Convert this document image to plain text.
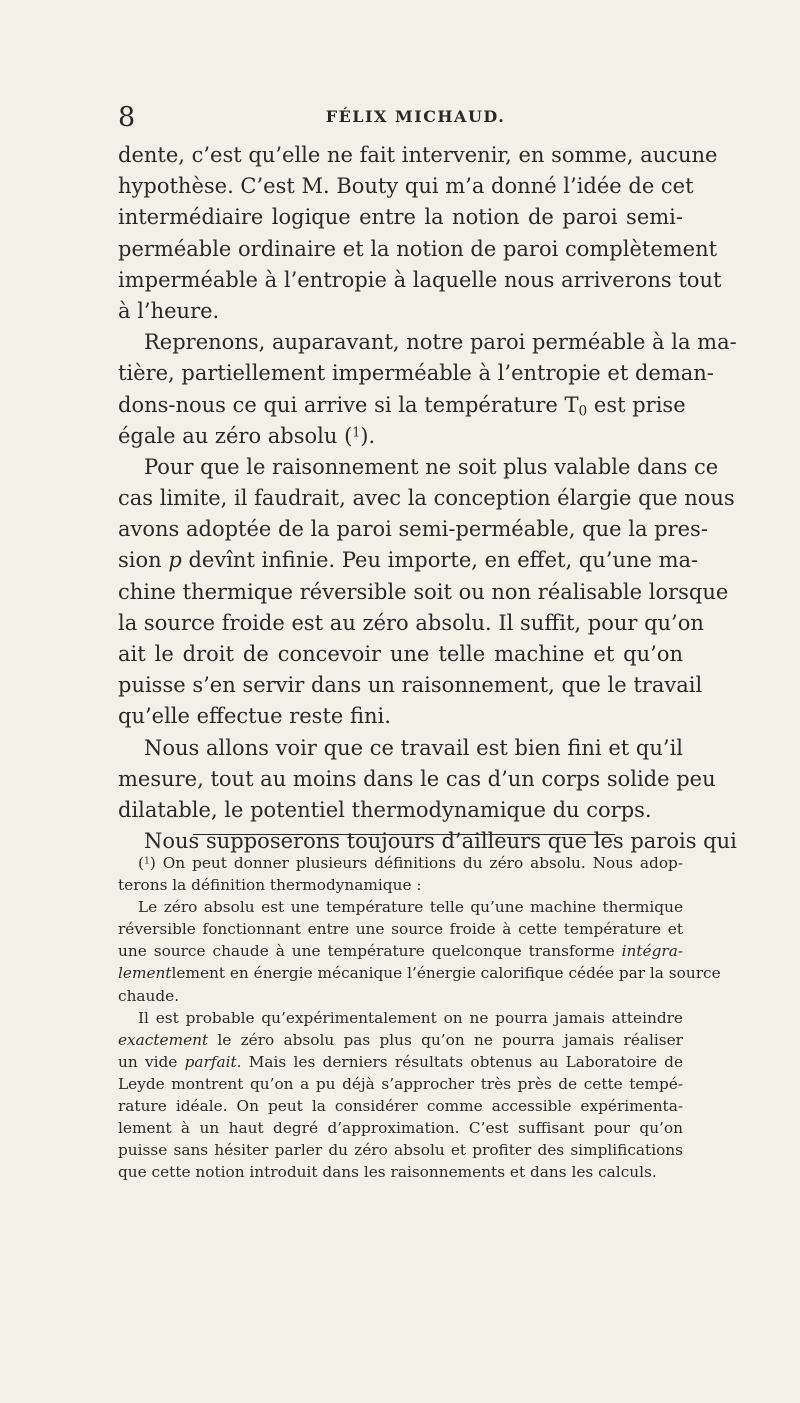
8	FÉLIX MICHAUD.
dente, c’est qu’elle ne fait intervenir, en somme, aucune
hypothèse. C’est M. Bouty qui m’a donné l’idée de cet
intermédiaire logique entre la notion de paroi semi-
perméable ordinaire et la notion de paroi complètement
imperméable à l’entropie à laquelle nous arriverons tout
à l’heure.
Reprenons, auparavant, notre paroi perméable à la ma-
tière, partiellement imperméable à l’entropie et deman-
dons-nous ce qui arrive si la température $T_0$ est prise
égale au zéro absolu ($^1$).
Pour que le raisonnement ne soit plus valable dans ce
cas limite, il faudrait, avec la conception élargie que nous
avons adoptée de la paroi semi-perméable, que la pres-
sion p devînt infinie. Peu importe, en effet, qu’une ma-
chine thermique réversible soit ou non réalisable lorsque
la source froide est au zéro absolu. Il suffit, pour qu’on
ait le droit de concevoir une telle machine et qu’on
puisse s’en servir dans un raisonnement, que le travail
qu’elle effectue reste fini.
Nous allons voir que ce travail est bien fini et qu’il
mesure, tout au moins dans le cas d’un corps solide peu
dilatable, le potentiel thermodynamique du corps.
Nous supposerons toujours d’ailleurs que les parois qui
($^1$) On peut donner plusieurs définitions du zéro absolu. Nous adop-
terons la définition thermodynamique :
Le zéro absolu est une température telle qu’une machine thermique
réversible fonctionnant entre une source froide à cette température et
une source chaude à une température quelconque transforme intégra-
lementlement en énergie mécanique l’énergie calorifique cédée par la source
chaude.
Il est probable qu’expérimentalement on ne pourra jamais atteindre
exactement le zéro absolu pas plus qu’on ne pourra jamais réaliser
un vide parfait. Mais les derniers résultats obtenus au Laboratoire de
Leyde montrent qu’on a pu déjà s’approcher très près de cette tempé-
rature idéale. On peut la considérer comme accessible expérimenta-
lement à un haut degré d’approximation. C’est suffisant pour qu’on
puisse sans hésiter parler du zéro absolu et profiter des simplifications
que cette notion introduit dans les raisonnements et dans les calculs.
